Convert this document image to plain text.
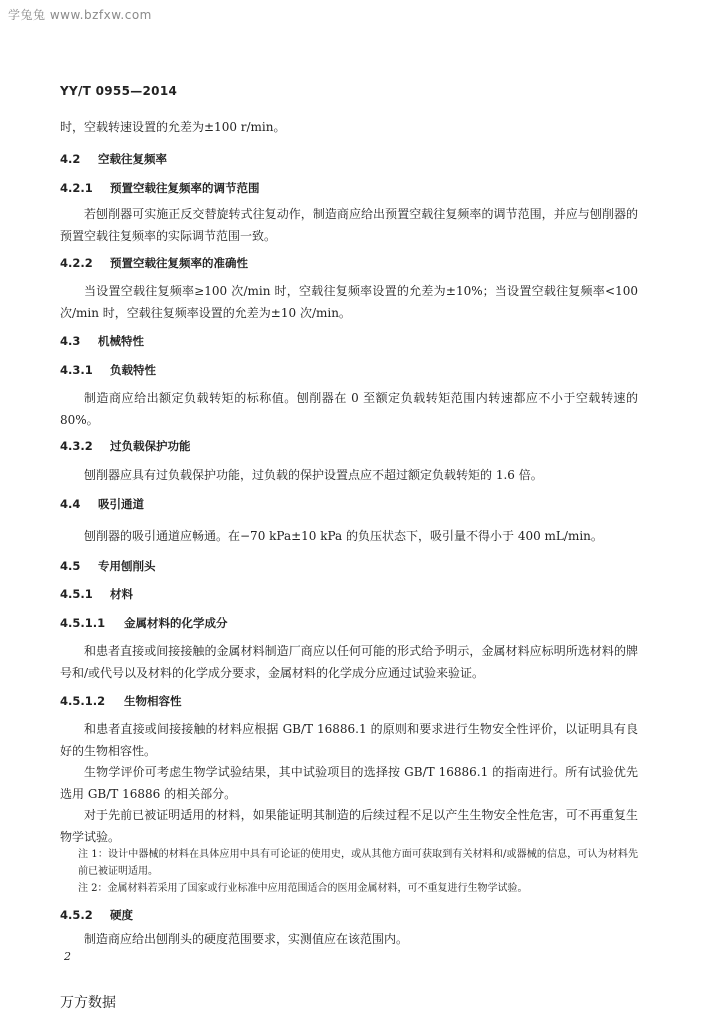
学兔兔 www.bzfxw.com
YY/T 0955—2014
时，空载转速设置的允差为±100 r/min。
4.2 空载往复频率
4.2.1 预置空载往复频率的调节范围
若刨削器可实施正反交替旋转式往复动作，制造商应给出预置空载往复频率的调节范围，并应与刨削器的预置空载往复频率的实际调节范围一致。
4.2.2 预置空载往复频率的准确性
当设置空载往复频率≥100 次/min 时，空载往复频率设置的允差为±10%；当设置空载往复频率<100 次/min 时，空载往复频率设置的允差为±10 次/min。
4.3 机械特性
4.3.1 负载特性
制造商应给出额定负载转矩的标称值。刨削器在 0 至额定负载转矩范围内转速都应不小于空载转速的 80%。
4.3.2 过负载保护功能
刨削器应具有过负载保护功能，过负载的保护设置点应不超过额定负载转矩的 1.6 倍。
4.4 吸引通道
刨削器的吸引通道应畅通。在−70 kPa±10 kPa 的负压状态下，吸引量不得小于 400 mL/min。
4.5 专用刨削头
4.5.1 材料
4.5.1.1 金属材料的化学成分
和患者直接或间接接触的金属材料制造厂商应以任何可能的形式给予明示，金属材料应标明所选材料的牌号和/或代号以及材料的化学成分要求，金属材料的化学成分应通过试验来验证。
4.5.1.2 生物相容性
和患者直接或间接接触的材料应根据 GB/T 16886.1 的原则和要求进行生物安全性评价，以证明具有良好的生物相容性。
生物学评价可考虑生物学试验结果，其中试验项目的选择按 GB/T 16886.1 的指南进行。所有试验优先选用 GB/T 16886 的相关部分。
对于先前已被证明适用的材料，如果能证明其制造的后续过程不足以产生生物安全性危害，可不再重复生物学试验。
注 1：设计中器械的材料在具体应用中具有可论证的使用史，或从其他方面可获取到有关材料和/或器械的信息，可认为材料先前已被证明适用。
注 2：金属材料若采用了国家或行业标准中应用范围适合的医用金属材料，可不重复进行生物学试验。
4.5.2 硬度
制造商应给出刨削头的硬度范围要求，实测值应在该范围内。
2
万方数据
